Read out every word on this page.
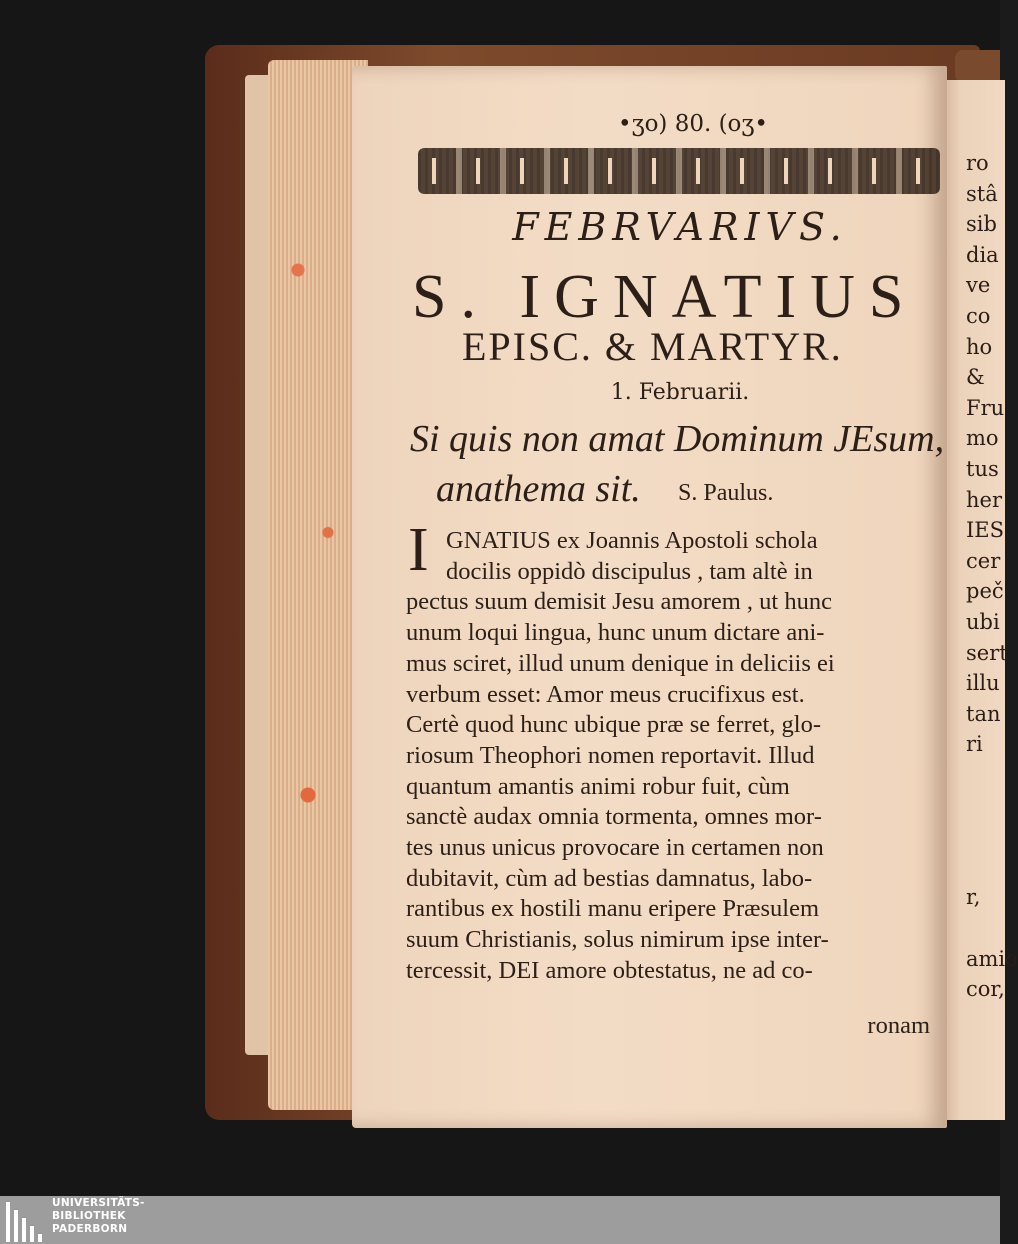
•ʒo) 80. (oʒ•
FEBRVARIVS.
S. IGNATIUS
EPISC. & MARTYR.
1. Februarii.
Si quis non amat Dominum JEsum,
anathema sit.	S. Paulus.
I GNATIUS ex Joannis Apostoli schola
docilis oppidò discipulus , tam altè in
pectus suum demisit Jesu amorem , ut hunc
unum loqui lingua, hunc unum dictare ani-
mus sciret, illud unum denique in deliciis ei
verbum esset: Amor meus crucifixus est.
Certè quod hunc ubique præ se ferret, glo-
riosum Theophori nomen reportavit. Illud
quantum amantis animi robur fuit, cùm
sanctè audax omnia tormenta, omnes mor-
tes unus unicus provocare in certamen non
dubitavit, cùm ad bestias damnatus, labo-
rantibus ex hostili manu eripere Præsulem
suum Christianis, solus nimirum ipse inter-
tercessit, DEI amore obtestatus, ne ad co-
ronam
ro
stâ
sib
dia
ve
co
ho
&
Fru
mo
tus
her
IES
cer
peč
ubi
sert
illu
tan
ri
r,
amio
cor,
UNIVERSITÄTS-
BIBLIOTHEK
PADERBORN
